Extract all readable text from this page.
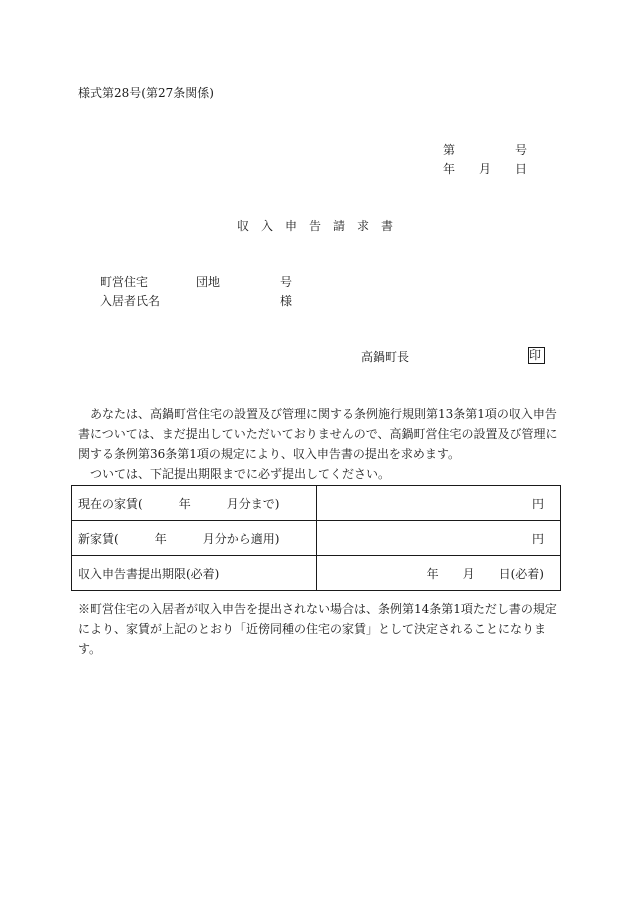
様式第28号(第27条関係)
第	号
年 月 日
収　入　申　告　請　求　書
町営住宅	団地	号
入居者氏名	様
高鍋町長	印

あなたは、高鍋町営住宅の設置及び管理に関する条例施行規則第13条第1項の収入申告書については、まだ提出していただいておりませんので、高鍋町営住宅の設置及び管理に関する条例第36条第1項の規定により、収入申告書の提出を求めます。

ついては、下記提出期限までに必ず提出してください。

現在の家賃( 年 月分まで)	円
新家賃( 年 月分から適用)	円
収入申告書提出期限(必着)	年　　月　　日(必着)

※町営住宅の入居者が収入申告を提出されない場合は、条例第14条第1項ただし書の規定により、家賃が上記のとおり「近傍同種の住宅の家賃」として決定されることになります。
